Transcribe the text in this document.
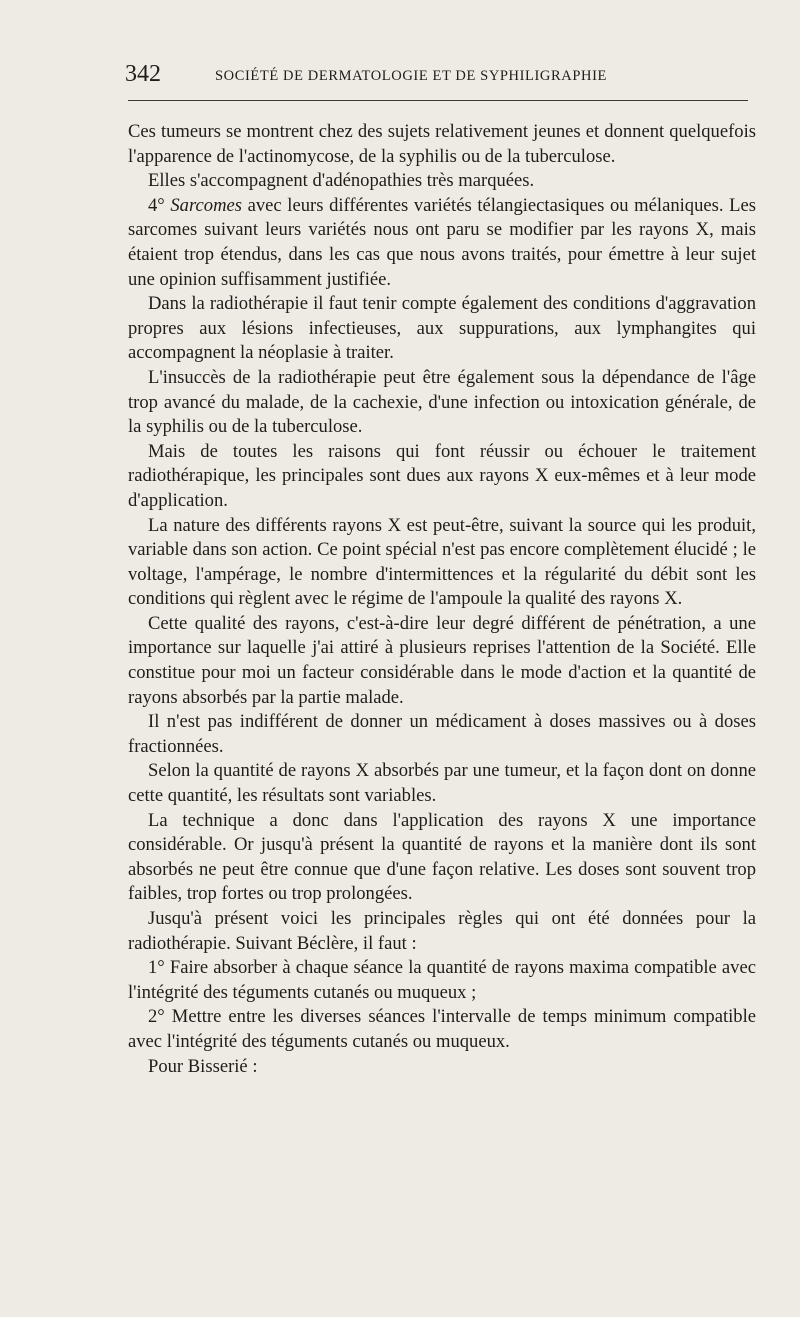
342	SOCIÉTÉ DE DERMATOLOGIE ET DE SYPHILIGRAPHIE

Ces tumeurs se montrent chez des sujets relativement jeunes et donnent quelquefois l'apparence de l'actinomycose, de la syphilis ou de la tuberculose.

Elles s'accompagnent d'adénopathies très marquées.

4° Sarcomes avec leurs différentes variétés télangiectasiques ou mélaniques. Les sarcomes suivant leurs variétés nous ont paru se modifier par les rayons X, mais étaient trop étendus, dans les cas que nous avons traités, pour émettre à leur sujet une opinion suffisamment justifiée.

Dans la radiothérapie il faut tenir compte également des conditions d'aggravation propres aux lésions infectieuses, aux suppurations, aux lymphangites qui accompagnent la néoplasie à traiter.

L'insuccès de la radiothérapie peut être également sous la dépendance de l'âge trop avancé du malade, de la cachexie, d'une infection ou intoxication générale, de la syphilis ou de la tuberculose.

Mais de toutes les raisons qui font réussir ou échouer le traitement radiothérapique, les principales sont dues aux rayons X eux-mêmes et à leur mode d'application.

La nature des différents rayons X est peut-être, suivant la source qui les produit, variable dans son action. Ce point spécial n'est pas encore complètement élucidé ; le voltage, l'ampérage, le nombre d'intermittences et la régularité du débit sont les conditions qui règlent avec le régime de l'ampoule la qualité des rayons X.

Cette qualité des rayons, c'est-à-dire leur degré différent de pénétration, a une importance sur laquelle j'ai attiré à plusieurs reprises l'attention de la Société. Elle constitue pour moi un facteur considérable dans le mode d'action et la quantité de rayons absorbés par la partie malade.

Il n'est pas indifférent de donner un médicament à doses massives ou à doses fractionnées.

Selon la quantité de rayons X absorbés par une tumeur, et la façon dont on donne cette quantité, les résultats sont variables.

La technique a donc dans l'application des rayons X une importance considérable. Or jusqu'à présent la quantité de rayons et la manière dont ils sont absorbés ne peut être connue que d'une façon relative. Les doses sont souvent trop faibles, trop fortes ou trop prolongées.

Jusqu'à présent voici les principales règles qui ont été données pour la radiothérapie. Suivant Béclère, il faut :

1° Faire absorber à chaque séance la quantité de rayons maxima compatible avec l'intégrité des téguments cutanés ou muqueux ;

2° Mettre entre les diverses séances l'intervalle de temps minimum compatible avec l'intégrité des téguments cutanés ou muqueux.

Pour Bisserié :
